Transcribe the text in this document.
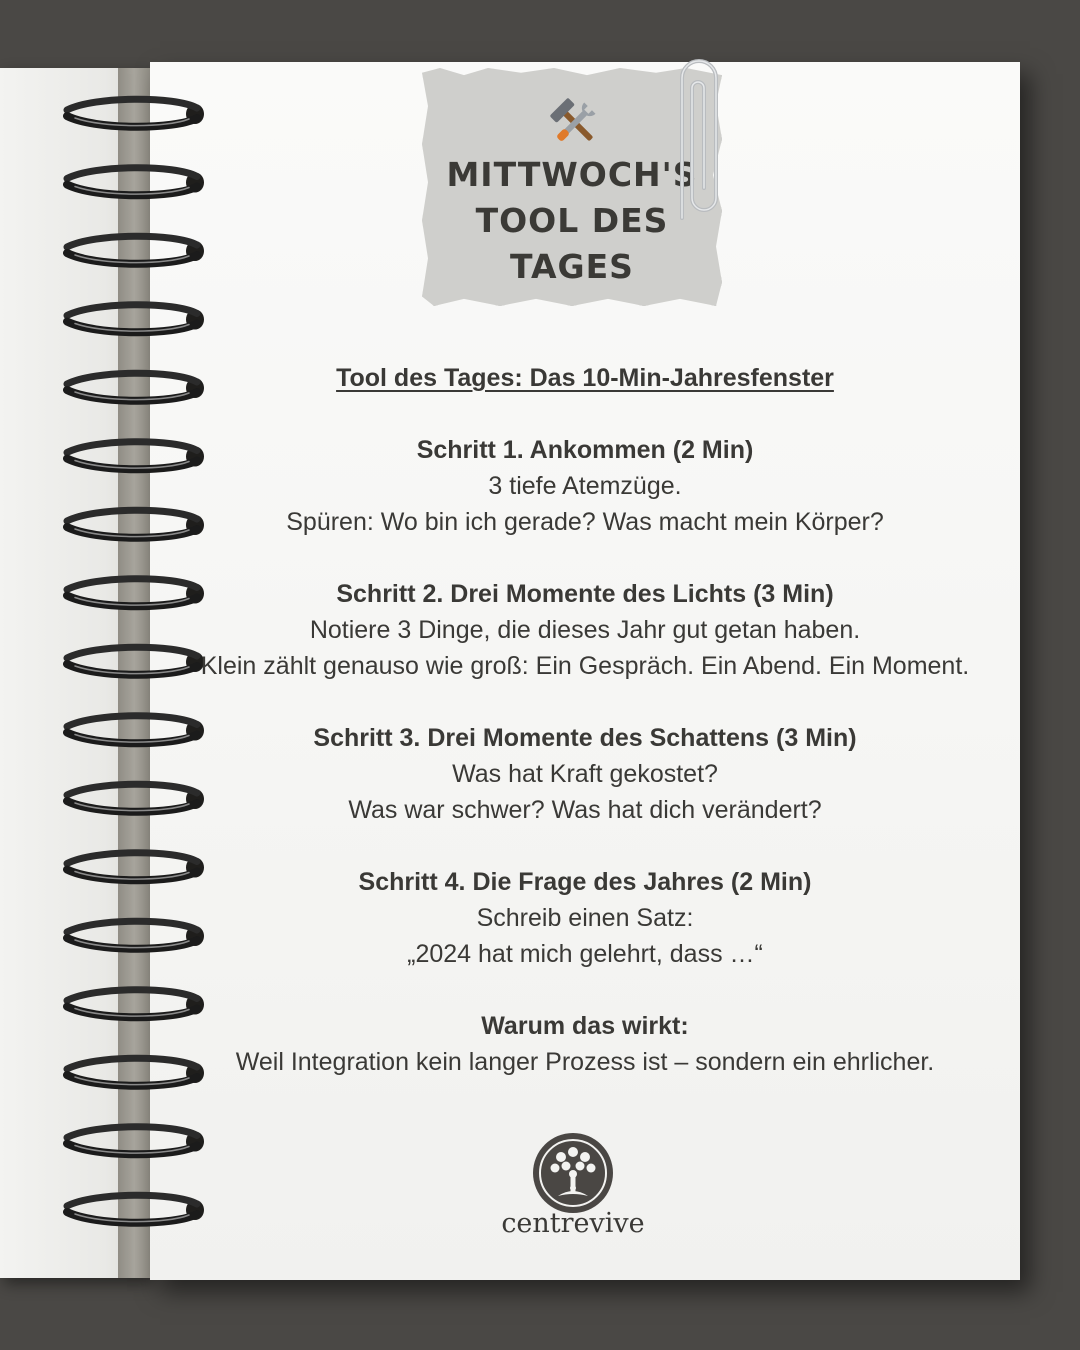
MITTWOCH'S
TOOL DES
TAGES
Tool des Tages: Das 10-Min-Jahresfenster

Schritt 1. Ankommen (2 Min)

3 tiefe Atemzüge.

Spüren: Wo bin ich gerade? Was macht mein Körper?

Schritt 2. Drei Momente des Lichts (3 Min)

Notiere 3 Dinge, die dieses Jahr gut getan haben.

Klein zählt genauso wie groß: Ein Gespräch. Ein Abend. Ein Moment.

Schritt 3. Drei Momente des Schattens (3 Min)

Was hat Kraft gekostet?

Was war schwer? Was hat dich verändert?

Schritt 4. Die Frage des Jahres (2 Min)

Schreib einen Satz:

„2024 hat mich gelehrt, dass …“

Warum das wirkt:

Weil Integration kein langer Prozess ist – sondern ein ehrlicher.

centrevive
